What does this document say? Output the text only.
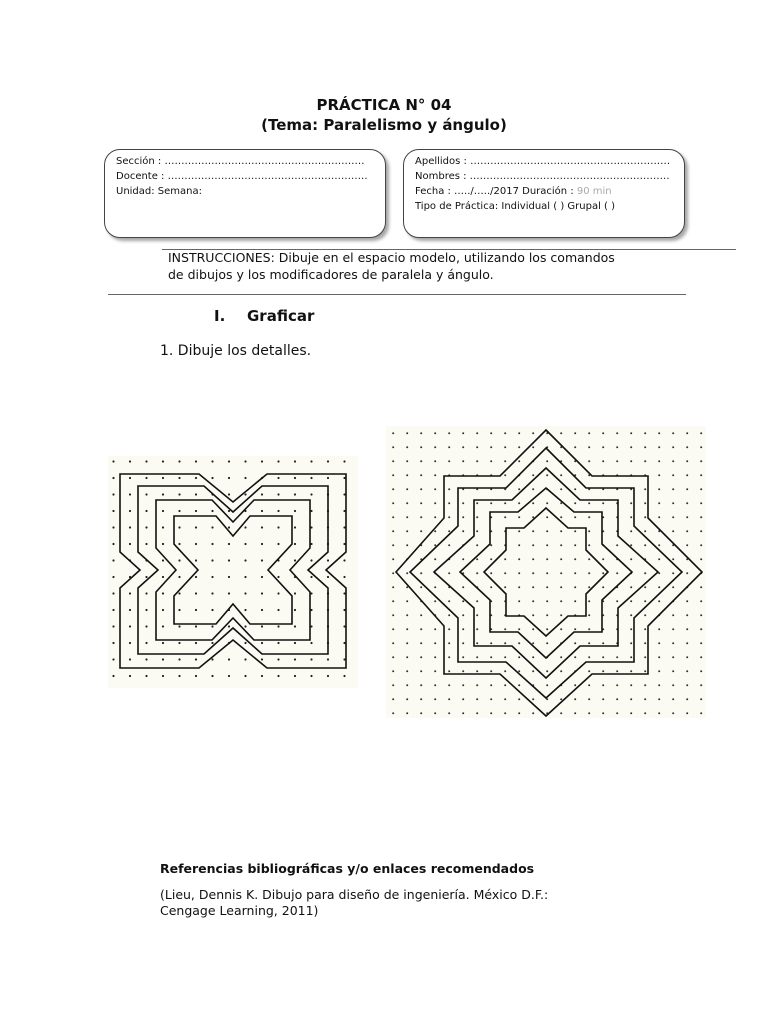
PRÁCTICA N° 04
(Tema: Paralelismo y ángulo)
Sección : ……………………………………………………
Docente : ……………………………………………………
Unidad: Semana:
Apellidos : ……………………………………………………
Nombres : ……………………………………………………
Fecha : …../…../2017 Duración : 90 min
Tipo de Práctica: Individual ( ) Grupal ( )
INSTRUCCIONES: Dibuje en el espacio modelo, utilizando los comandos
de dibujos y los modificadores de paralela y ángulo.
I. Graficar
1. Dibuje los detalles.
Referencias bibliográficas y/o enlaces recomendados
(Lieu, Dennis K. Dibujo para diseño de ingeniería. México D.F.:
Cengage Learning, 2011)
